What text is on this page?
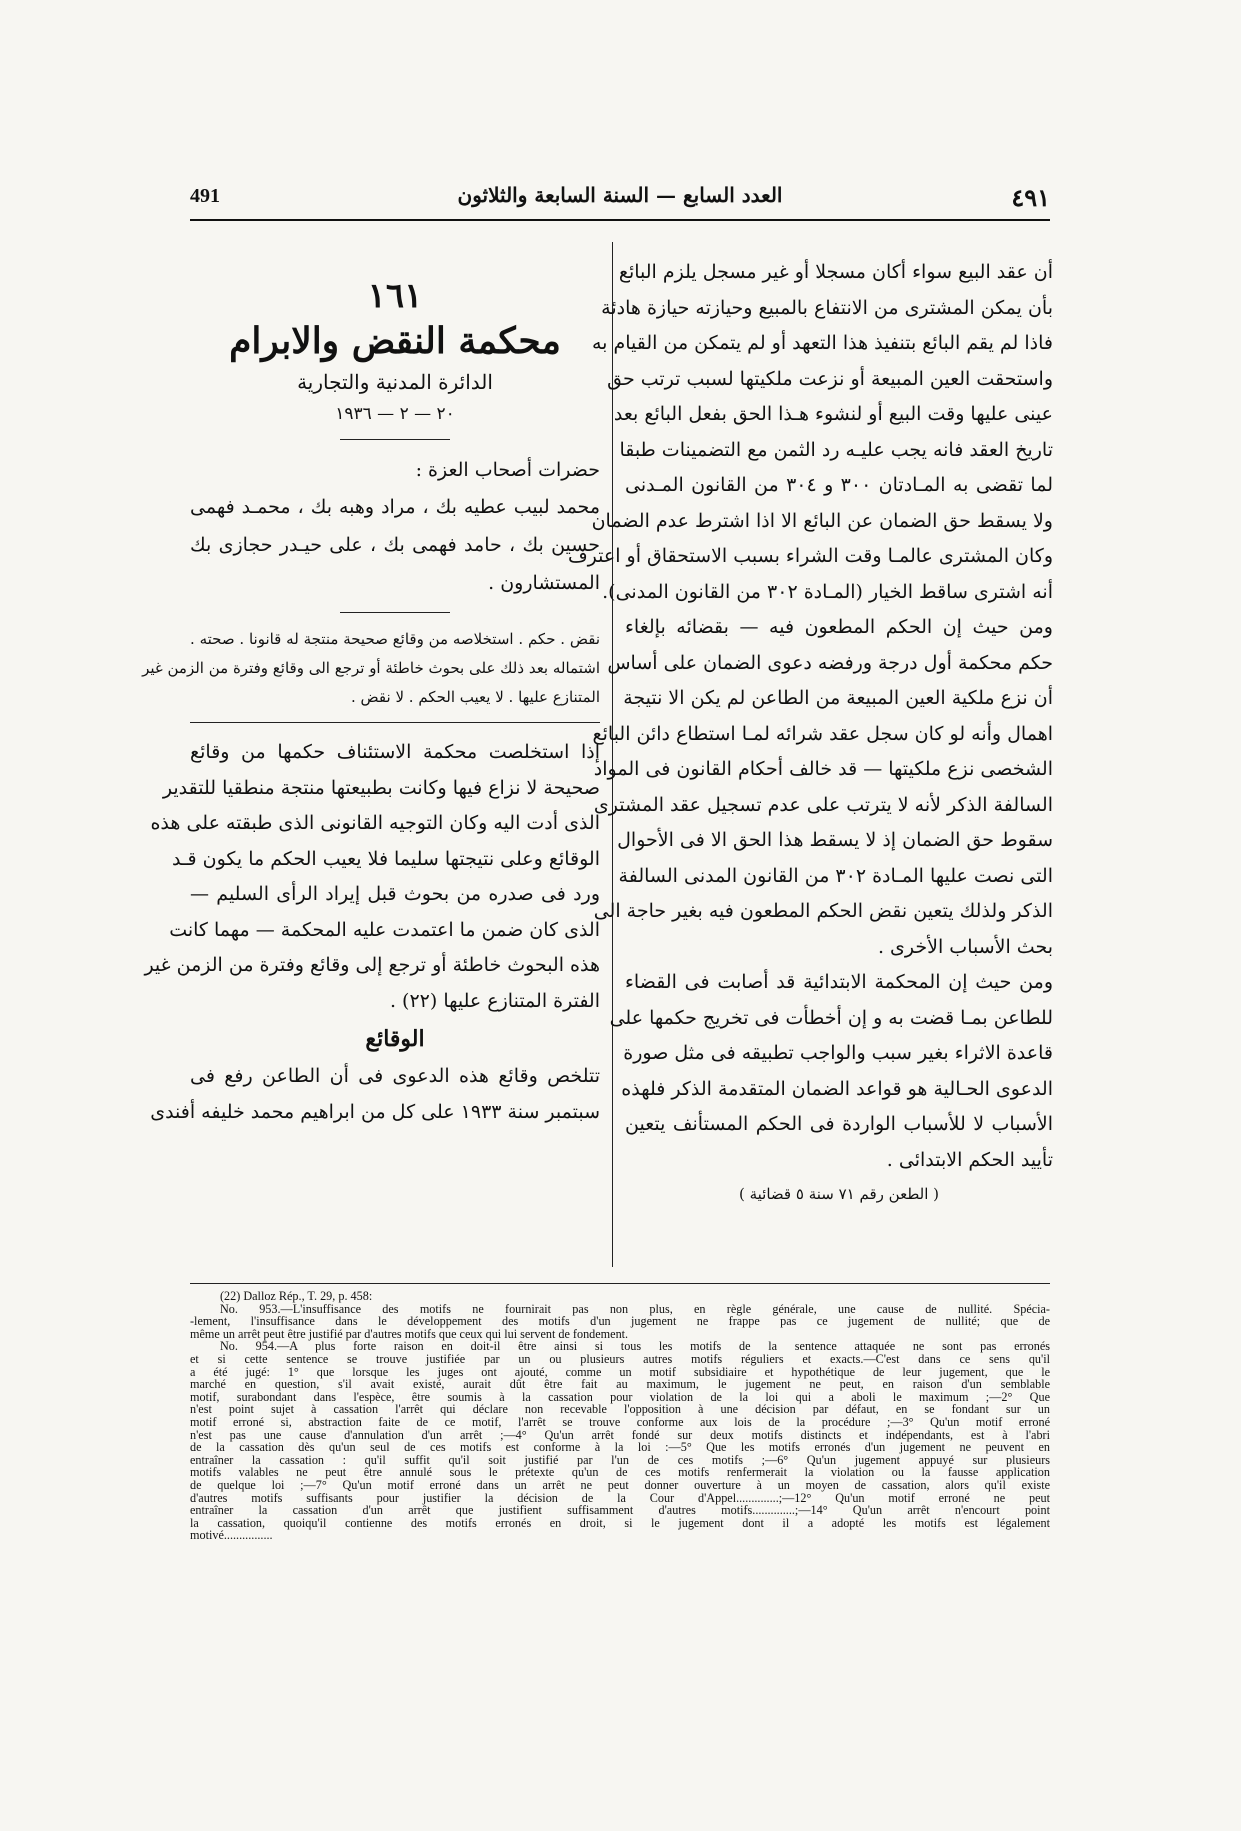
491	العدد السابع — السنة السابعة والثلاثون	٤٩١
أن عقد البيع سواء أكان مسجلا أو غير مسجل يلزم البائع
بأن يمكن المشترى من الانتفاع بالمبيع وحيازته حيازة هادئة
فاذا لم يقم البائع بتنفيذ هذا التعهد أو لم يتمكن من القيام به
واستحقت العين المبيعة أو نزعت ملكيتها لسبب ترتب حق
عينى عليها وقت البيع أو لنشوء هـذا الحق بفعل البائع بعد
تاريخ العقد فانه يجب عليـه رد الثمن مع التضمينات طبقا
لما تقضى به المـادتان ٣٠٠ و ٣٠٤ من القانون المـدنى
ولا يسقط حق الضمان عن البائع الا اذا اشترط عدم الضمان
وكان المشترى عالمـا وقت الشراء بسبب الاستحقاق أو اعترف
أنه اشترى ساقط الخيار (المـادة ٣٠٢ من القانون المدنى).
ومن حيث إن الحكم المطعون فيه — بقضائه بإلغاء
حكم محكمة أول درجة ورفضه دعوى الضمان على أساس
أن نزع ملكية العين المبيعة من الطاعن لم يكن الا نتيجة
اهمال وأنه لو كان سجل عقد شرائه لمـا استطاع دائن البائع
الشخصى نزع ملكيتها — قد خالف أحكام القانون فى المواد
السالفة الذكر لأنه لا يترتب على عدم تسجيل عقد المشترى
سقوط حق الضمان إذ لا يسقط هذا الحق الا فى الأحوال
التى نصت عليها المـادة ٣٠٢ من القانون المدنى السالفة
الذكر ولذلك يتعين نقض الحكم المطعون فيه بغير حاجة الى
بحث الأسباب الأخرى .
ومن حيث إن المحكمة الابتدائية قد أصابت فى القضاء
للطاعن بمـا قضت به و إن أخطأت فى تخريج حكمها على
قاعدة الاثراء بغير سبب والواجب تطبيقه فى مثل صورة
الدعوى الحـالية هو قواعد الضمان المتقدمة الذكر فلهذه
الأسباب لا للأسباب الواردة فى الحكم المستأنف يتعين
تأييد الحكم الابتدائى .
( الطعن رقم ٧١ سنة ٥ قضائية )
١٦١
محكمة النقض والابرام
الدائرة المدنية والتجارية
٢٠ — ٢ — ١٩٣٦
حضرات أصحاب العزة :
محمد لبيب عطيه بك ، مراد وهبه بك ، محمـد فهمى
حسين بك ، حامد فهمى بك ، على حيـدر حجازى بك
المستشارون .
نقض . حكم . استخلاصه من وقائع صحيحة منتجة له قانونا . صحته .
اشتماله بعد ذلك على بحوث خاطئة أو ترجع الى وقائع وفترة من الزمن غير
المتنازع عليها . لا يعيب الحكم . لا نقض .
إذا استخلصت محكمة الاستئناف حكمها من وقائع
صحيحة لا نزاع فيها وكانت بطبيعتها منتجة منطقيا للتقدير
الذى أدت اليه وكان التوجيه القانونى الذى طبقته على هذه
الوقائع وعلى نتيجتها سليما فلا يعيب الحكم ما يكون قـد
ورد فى صدره من بحوث قبل إيراد الرأى السليم —
الذى كان ضمن ما اعتمدت عليه المحكمة — مهما كانت
هذه البحوث خاطئة أو ترجع إلى وقائع وفترة من الزمن غير
الفترة المتنازع عليها (٢٢) .
الوقائع
تتلخص وقائع هذه الدعوى فى أن الطاعن رفع فى
سبتمبر سنة ١٩٣٣ على كل من ابراهيم محمد خليفه أفندى
(22) Dalloz Rép., T. 29, p. 458:
No. 953.—L'insuffisance des motifs ne fournirait pas non plus, en règle générale, une cause de nullité. Spécia-
-lement, l'insuffisance dans le développement des motifs d'un jugement ne frappe pas ce jugement de nullité; que de
même un arrêt peut être justifié par d'autres motifs que ceux qui lui servent de fondement.
No. 954.—A plus forte raison en doit-il être ainsi si tous les motifs de la sentence attaquée ne sont pas erronés
et si cette sentence se trouve justifiée par un ou plusieurs autres motifs réguliers et exacts.—C'est dans ce sens qu'il
a été jugé: 1° que lorsque les juges ont ajouté, comme un motif subsidiaire et hypothétique de leur jugement, que le
marché en question, s'il avait existé, aurait dût être fait au maximum, le jugement ne peut, en raison d'un semblable
motif, surabondant dans l'espèce, être soumis à la cassation pour violation de la loi qui a aboli le maximum ;—2° Que
n'est point sujet à cassation l'arrêt qui déclare non recevable l'opposition à une décision par défaut, en se fondant sur un
motif erroné si, abstraction faite de ce motif, l'arrêt se trouve conforme aux lois de la procédure ;—3° Qu'un motif erroné
n'est pas une cause d'annulation d'un arrêt ;—4° Qu'un arrêt fondé sur deux motifs distincts et indépendants, est à l'abri
de la cassation dès qu'un seul de ces motifs est conforme à la loi :—5° Que les motifs erronés d'un jugement ne peuvent en
entraîner la cassation : qu'il suffit qu'il soit justifié par l'un de ces motifs ;—6° Qu'un jugement appuyé sur plusieurs
motifs valables ne peut être annulé sous le prétexte qu'un de ces motifs renfermerait la violation ou la fausse application
de quelque loi ;—7° Qu'un motif erroné dans un arrêt ne peut donner ouverture à un moyen de cassation, alors qu'il existe
d'autres motifs suffisants pour justifier la décision de la Cour d'Appel..............;—12° Qu'un motif erroné ne peut
entraîner la cassation d'un arrêt que justifient suffisamment d'autres motifs..............;—14° Qu'un arrêt n'encourt point
la cassation, quoiqu'il contienne des motifs erronés en droit, si le jugement dont il a adopté les motifs est légalement
motivé................
